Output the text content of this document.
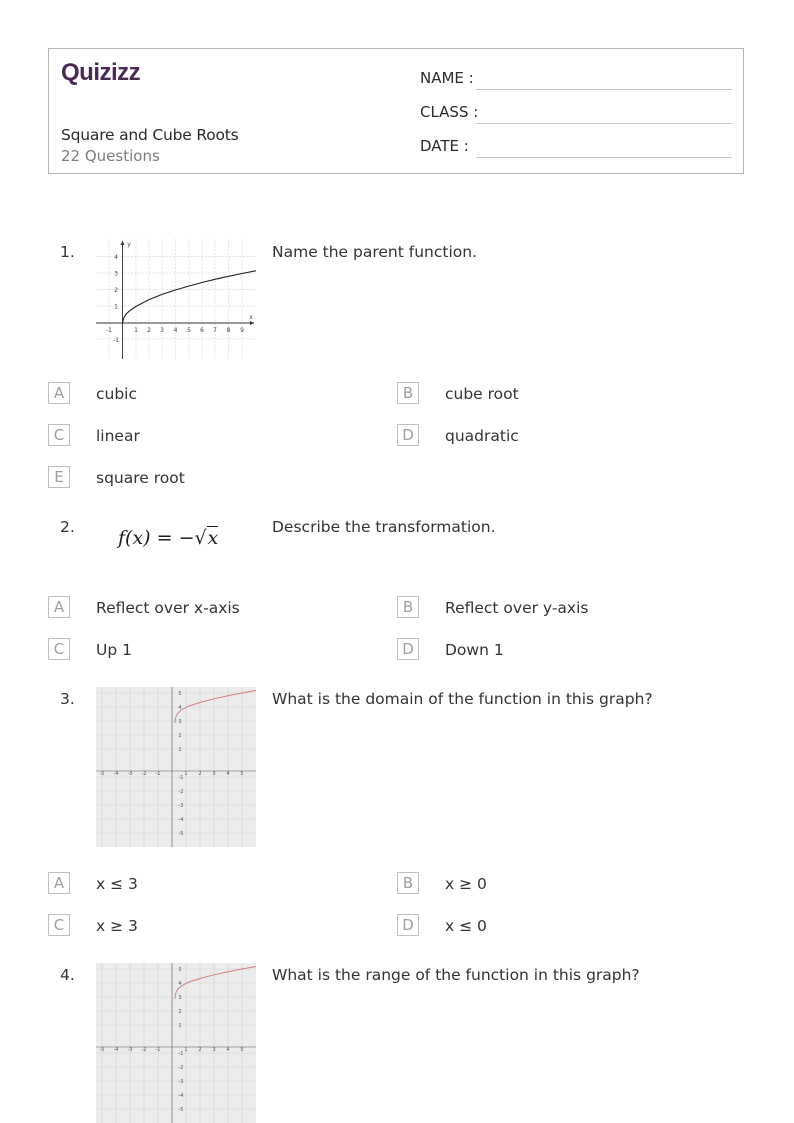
Quizizz
Square and Cube Roots
22 Questions
NAME :
CLASS :
DATE :
1.
-1	1 2 3 4 5 6 7 8 9
4
3
2
1
-1
x
y	Name the parent function.
A	cubic	B	cube root
C	linear	D	quadratic
E	square root
2. f(x) = −√x	Describe the transformation.
A	Reflect over x-axis	B	Reflect over y-axis
C	Up 1	D	Down 1
3.
-5 -4 -3 -2 -1	1 2 3 4 5
5
4
3
2
1
-1
-2
-3
-4
-5
What is the domain of the function in this graph?
A	x ≤ 3	B	x ≥ 0
C	x ≥ 3	D	x ≤ 0
4.
-5 -4 -3 -2 -1	1 2 3 4 5
5
4
3
2
1
-1
-2
-3
-4
-5
What is the range of the function in this graph?
